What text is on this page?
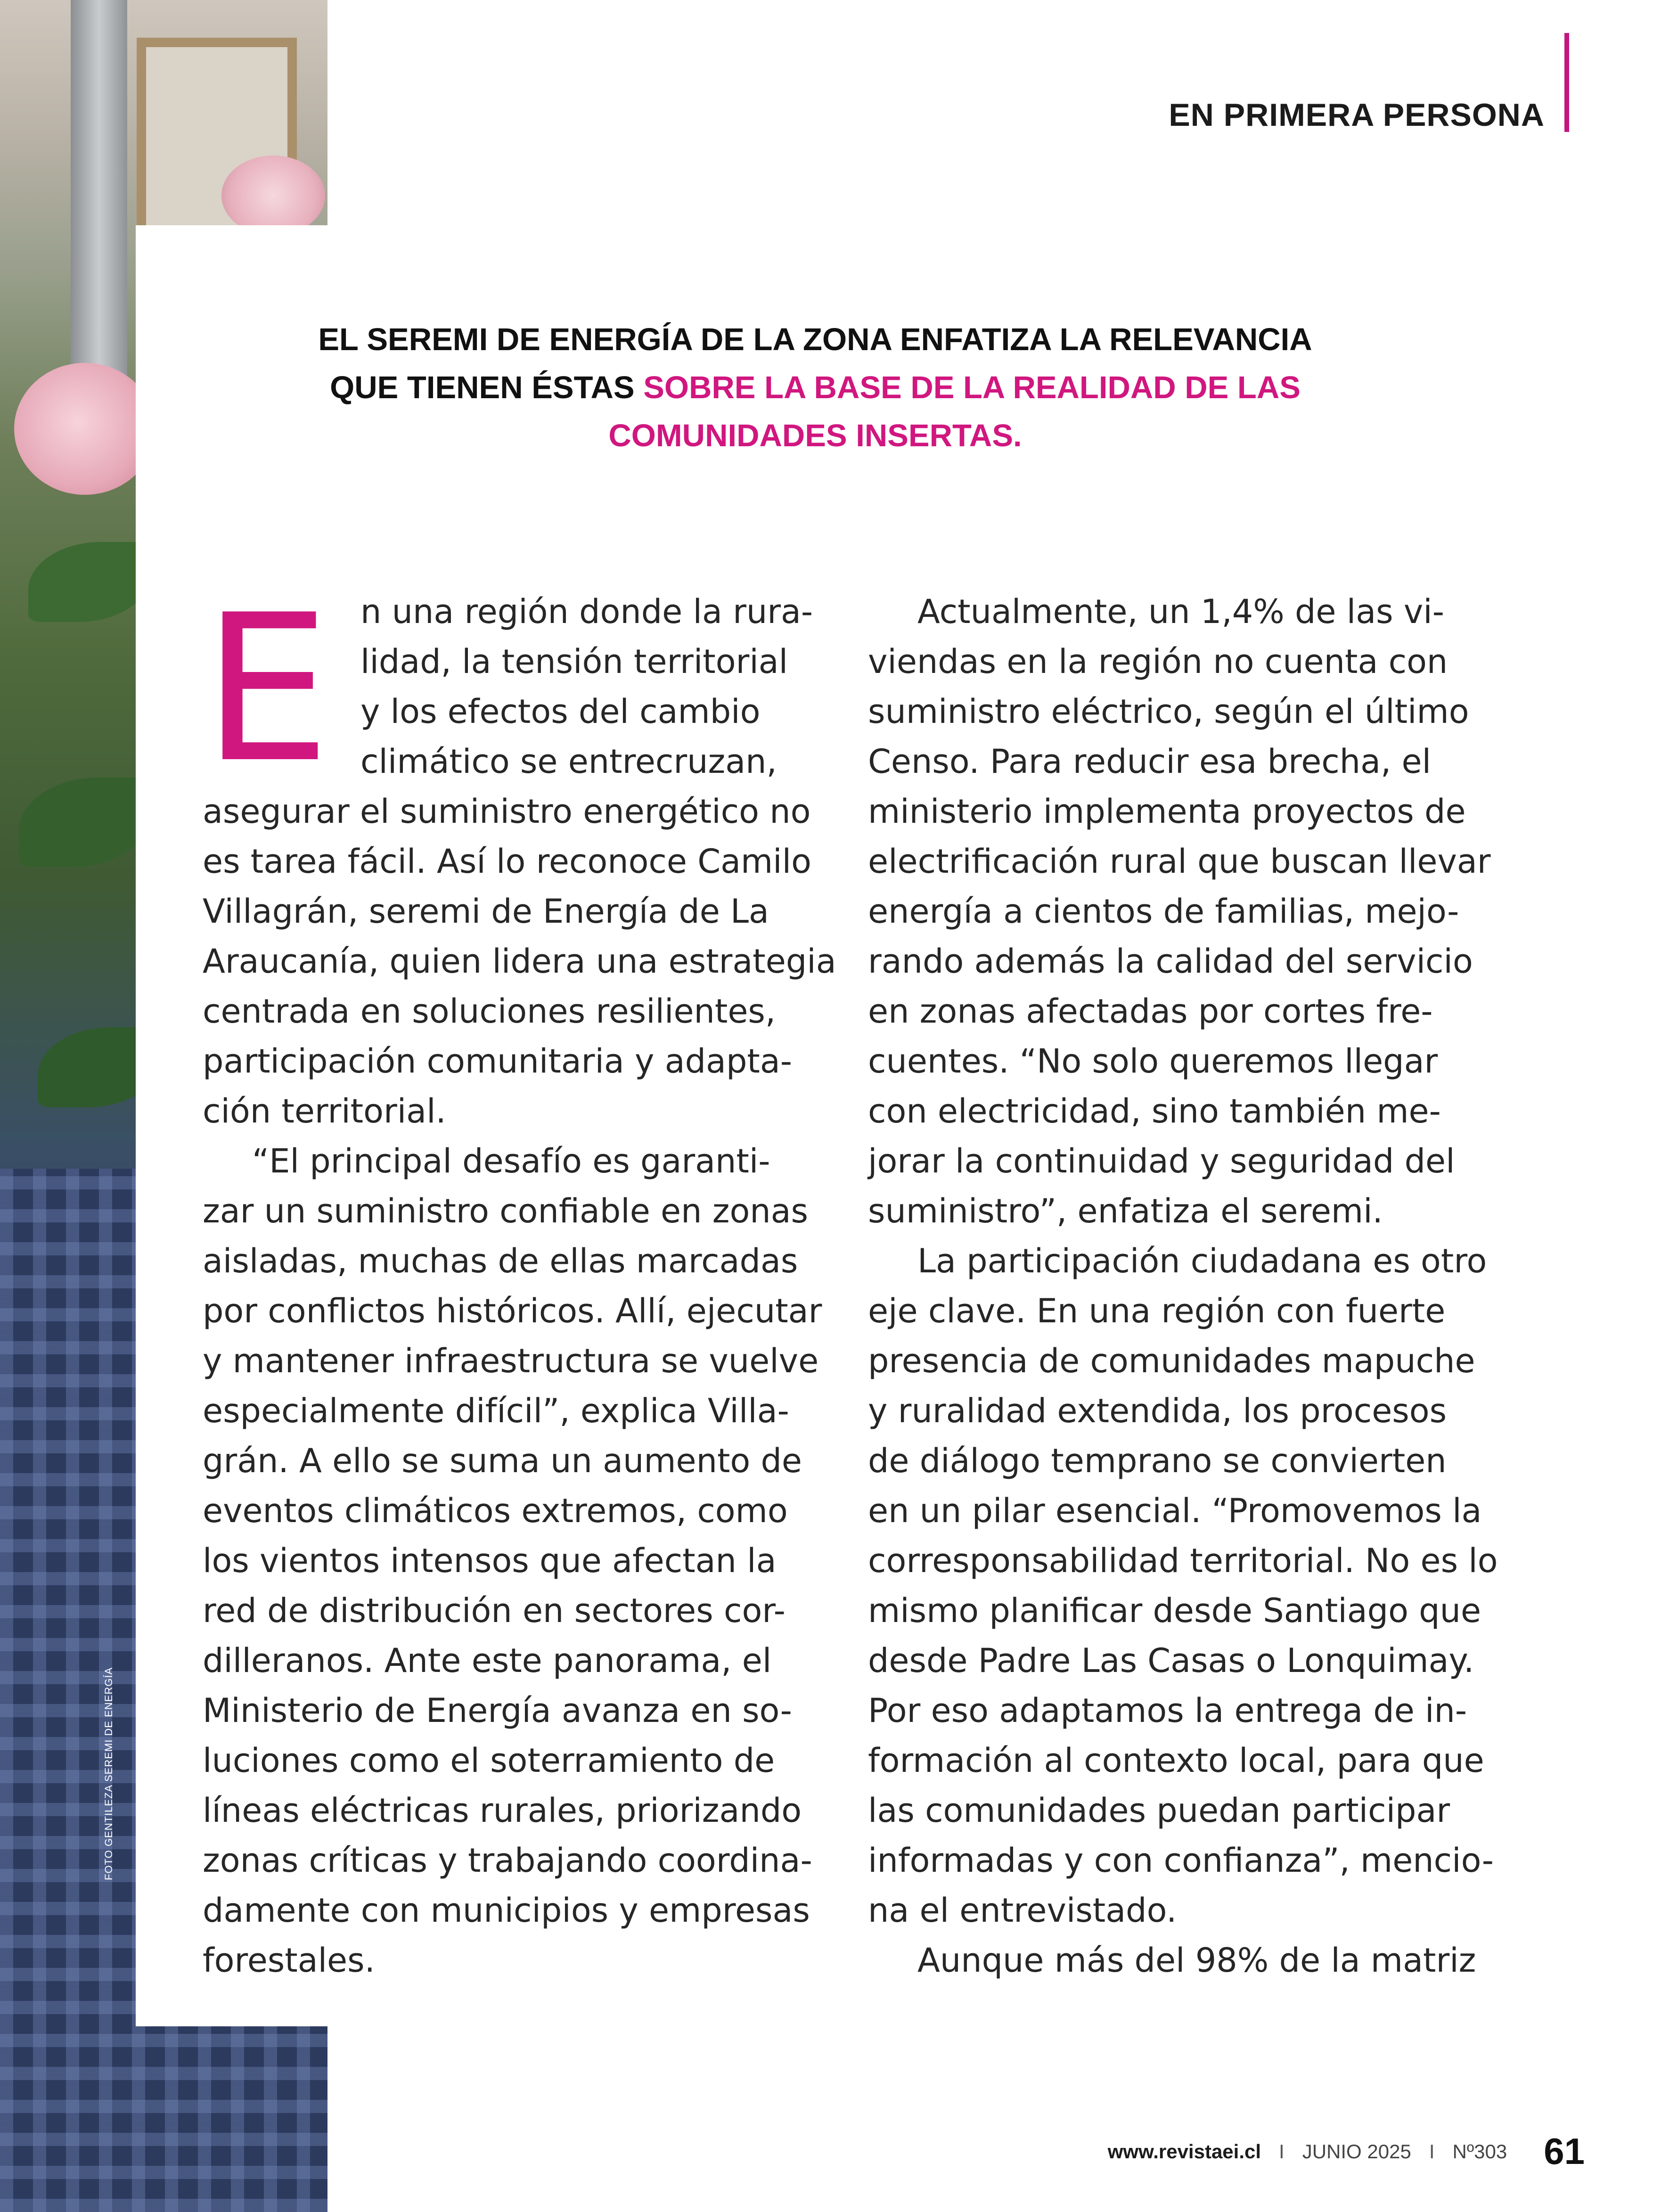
FOTO GENTILEZA SEREMI DE ENERGÍA
EN PRIMERA PERSONA
EL SEREMI DE ENERGÍA DE LA ZONA ENFATIZA LA RELEVANCIA
QUE TIENEN ÉSTAS SOBRE LA BASE DE LA REALIDAD DE LAS
COMUNIDADES INSERTAS.
E n una región donde la rura-
lidad, la tensión territorial
y los efectos del cambio
climático se entrecruzan,

asegurar el suministro energético no
es tarea fácil. Así lo reconoce Camilo
Villagrán, seremi de Energía de La
Araucanía, quien lidera una estrategia
centrada en soluciones resilientes,
participación comunitaria y adapta-
ción territorial.

“El principal desafío es garanti-
zar un suministro confiable en zonas
aisladas, muchas de ellas marcadas
por conflictos históricos. Allí, ejecutar
y mantener infraestructura se vuelve
especialmente difícil”, explica Villa-
grán. A ello se suma un aumento de
eventos climáticos extremos, como
los vientos intensos que afectan la
red de distribución en sectores cor-
dilleranos. Ante este panorama, el
Ministerio de Energía avanza en so-
luciones como el soterramiento de
líneas eléctricas rurales, priorizando
zonas críticas y trabajando coordina-
damente con municipios y empresas
forestales.

Actualmente, un 1,4% de las vi-
viendas en la región no cuenta con
suministro eléctrico, según el último
Censo. Para reducir esa brecha, el
ministerio implementa proyectos de
electrificación rural que buscan llevar
energía a cientos de familias, mejo-
rando además la calidad del servicio
en zonas afectadas por cortes fre-
cuentes. “No solo queremos llegar
con electricidad, sino también me-
jorar la continuidad y seguridad del
suministro”, enfatiza el seremi.

La participación ciudadana es otro
eje clave. En una región con fuerte
presencia de comunidades mapuche
y ruralidad extendida, los procesos
de diálogo temprano se convierten
en un pilar esencial. “Promovemos la
corresponsabilidad territorial. No es lo
mismo planificar desde Santiago que
desde Padre Las Casas o Lonquimay.
Por eso adaptamos la entrega de in-
formación al contexto local, para que
las comunidades puedan participar
informadas y con confianza”, mencio-
na el entrevistado.

Aunque más del 98% de la matriz

www.revistaei.cl I JUNIO 2025 I Nº303 61
